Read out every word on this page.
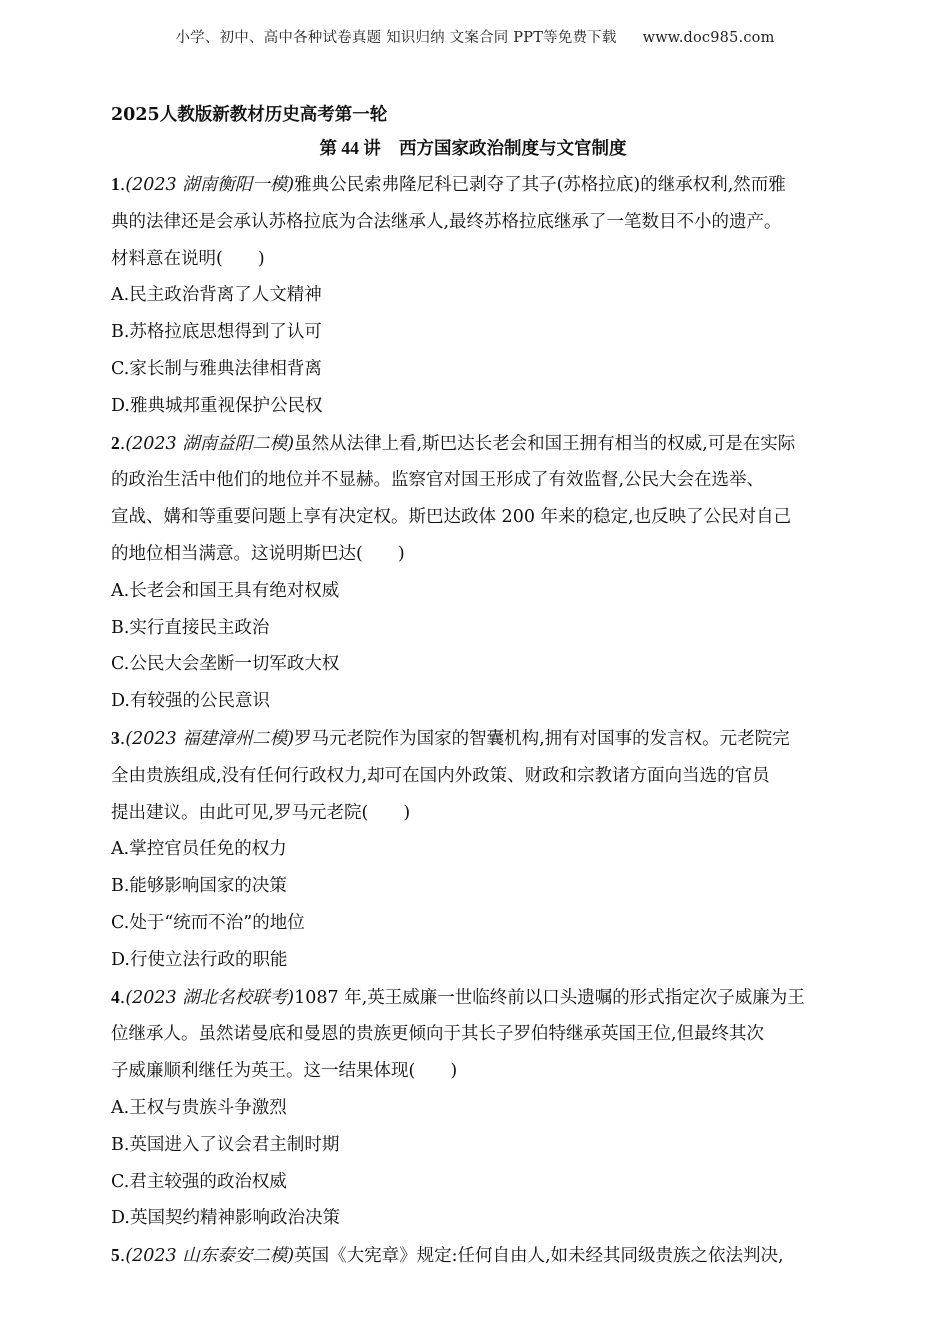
小学、初中、高中各种试卷真题 知识归纳 文案合同 PPT等免费下载 www.doc985.com
2025人教版新教材历史高考第一轮
第 44 讲 西方国家政治制度与文官制度

1.(2023 湖南衡阳一模)雅典公民索弗隆尼科已剥夺了其子(苏格拉底)的继承权利,然而雅

典的法律还是会承认苏格拉底为合法继承人,最终苏格拉底继承了一笔数目不小的遗产。

材料意在说明(　　)

A.民主政治背离了人文精神

B.苏格拉底思想得到了认可

C.家长制与雅典法律相背离

D.雅典城邦重视保护公民权

2.(2023 湖南益阳二模)虽然从法律上看,斯巴达长老会和国王拥有相当的权威,可是在实际

的政治生活中他们的地位并不显赫。监察官对国王形成了有效监督,公民大会在选举、

宣战、媾和等重要问题上享有决定权。斯巴达政体 200 年来的稳定,也反映了公民对自己

的地位相当满意。这说明斯巴达(　　)

A.长老会和国王具有绝对权威

B.实行直接民主政治

C.公民大会垄断一切军政大权

D.有较强的公民意识

3.(2023 福建漳州二模)罗马元老院作为国家的智囊机构,拥有对国事的发言权。元老院完

全由贵族组成,没有任何行政权力,却可在国内外政策、财政和宗教诸方面向当选的官员

提出建议。由此可见,罗马元老院(　　)

A.掌控官员任免的权力

B.能够影响国家的决策

C.处于“统而不治”的地位

D.行使立法行政的职能

4.(2023 湖北名校联考)1087 年,英王威廉一世临终前以口头遗嘱的形式指定次子威廉为王

位继承人。虽然诺曼底和曼恩的贵族更倾向于其长子罗伯特继承英国王位,但最终其次

子威廉顺利继任为英王。这一结果体现(　　)

A.王权与贵族斗争激烈

B.英国进入了议会君主制时期

C.君主较强的政治权威

D.英国契约精神影响政治决策

5.(2023 山东泰安二模)英国《大宪章》规定:任何自由人,如未经其同级贵族之依法判决,
